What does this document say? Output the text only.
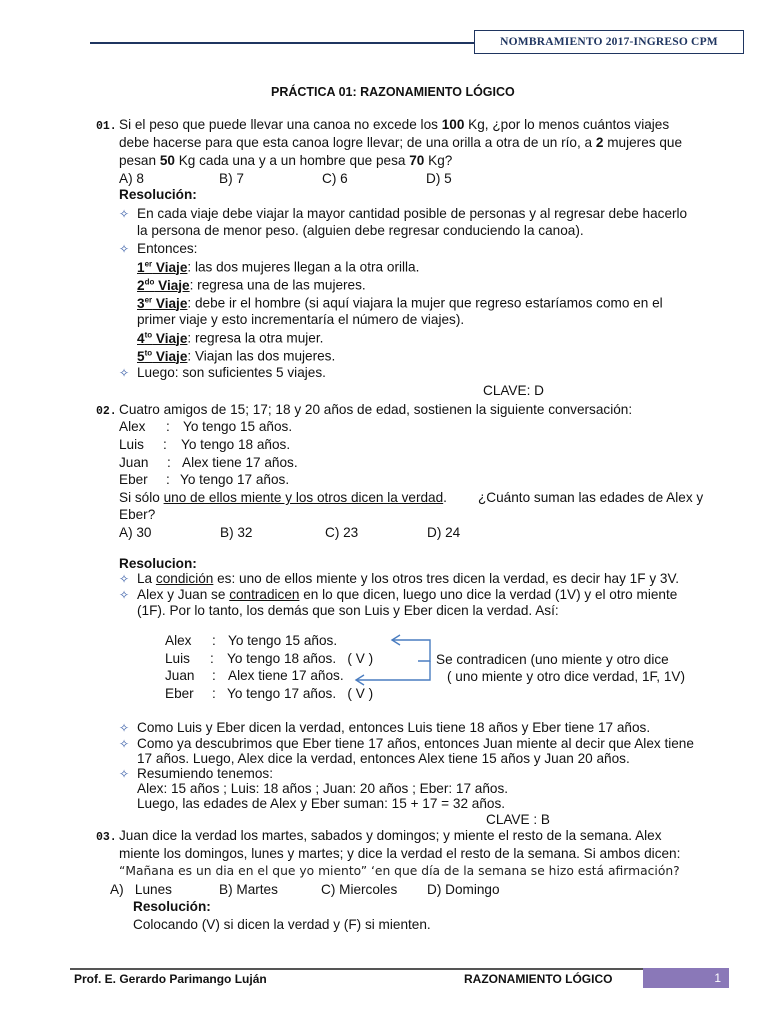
NOMBRAMIENTO 2017-INGRESO CPM
PRÁCTICA 01: RAZONAMIENTO LÓGICO
01. Si el peso que puede llevar una canoa no excede los 100 Kg, ¿por lo menos cuántos viajes
debe hacerse para que esta canoa logre llevar; de una orilla a otra de un río, a 2 mujeres que
pesan 50 Kg cada una y a un hombre que pesa 70 Kg?
A) 8	B) 7	C) 6	D) 5
Resolución:
✧ En cada viaje debe viajar la mayor cantidad posible de personas y al regresar debe hacerlo
la persona de menor peso. (alguien debe regresar conduciendo la canoa).
✧ Entonces:
1er Viaje: las dos mujeres llegan a la otra orilla.
$2^{do}$ Viaje: regresa una de las mujeres.
3er Viaje: debe ir el hombre (si aquí viajara la mujer que regreso estaríamos como en el
primer viaje y esto incrementaría el número de viajes).
$4^{to}$ Viaje: regresa la otra mujer.
$5^{to}$ Viaje: Viajan las dos mujeres.
✧ Luego: son suficientes 5 viajes.
CLAVE: D
02. Cuatro amigos de 15; 17; 18 y 20 años de edad, sostienen la siguiente conversación:
Alex : Yo tengo 15 años.
Luis : Yo tengo 18 años.
Juan : Alex tiene 17 años.
Eber : Yo tengo 17 años.
Si sólo uno de ellos miente y los otros dicen la verdad. ¿Cuánto suman las edades de Alex y
Eber?
A) 30	B) 32	C) 23	D) 24
Resolucion:
✧ La condición es: uno de ellos miente y los otros tres dicen la verdad, es decir hay 1F y 3V.
✧ Alex y Juan se contradicen en lo que dicen, luego uno dice la verdad (1V) y el otro miente
(1F). Por lo tanto, los demás que son Luis y Eber dicen la verdad. Así:
Alex : Yo tengo 15 años.
Luis : Yo tengo 18 años.   ( V )
Juan : Alex tiene 17 años.
Eber : Yo tengo 17 años.   ( V )
Se contradicen (uno miente y otro dice
( uno miente y otro dice verdad, 1F, 1V)
✧ Como Luis y Eber dicen la verdad, entonces Luis tiene 18 años y Eber tiene 17 años.
✧ Como ya descubrimos que Eber tiene 17 años, entonces Juan miente al decir que Alex tiene
17 años. Luego, Alex dice la verdad, entonces Alex tiene 15 años y Juan 20 años.
✧ Resumiendo tenemos:
Alex: 15 años ; Luis: 18 años ; Juan: 20 años ; Eber: 17 años.
Luego, las edades de Alex y Eber suman: 15 + 17 = 32 años.
CLAVE : B
03. Juan dice la verdad los martes, sabados y domingos; y miente el resto de la semana. Alex
miente los domingos, lunes y martes; y dice la verdad el resto de la semana. Si ambos dicen:
“Mañana es un dia en el que yo miento” ‘en que día de la semana se hizo está afirmación?
A)   Lunes	B) Martes	C) Miercoles D) Domingo
Resolución:
Colocando (V) si dicen la verdad y (F) si mienten.
Prof. E. Gerardo Parimango Luján	RAZONAMIENTO LÓGICO	1
